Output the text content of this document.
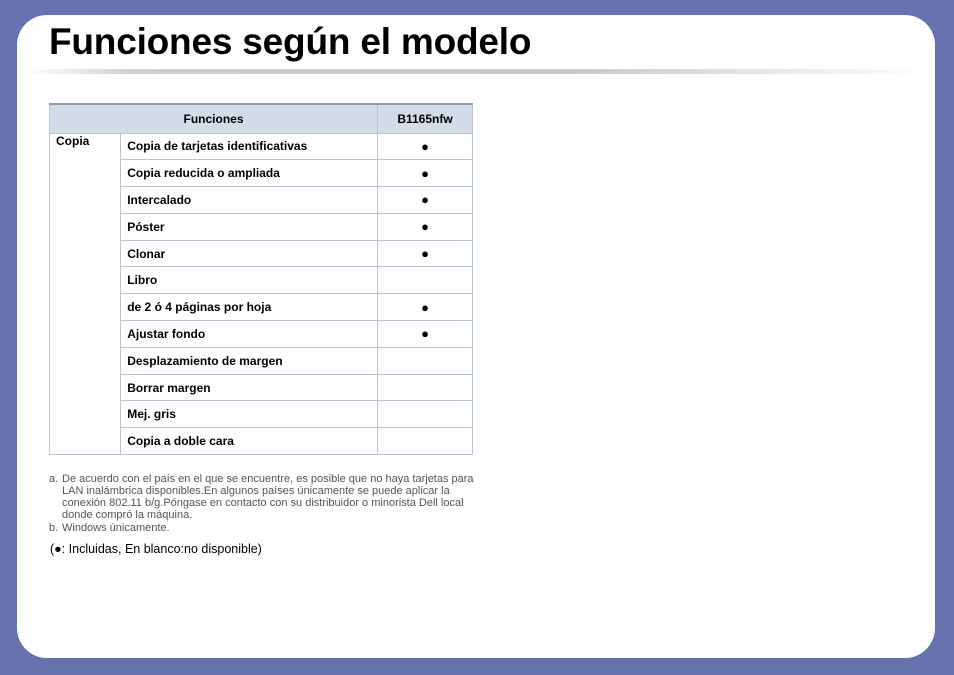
Funciones según el modelo
Funciones		B1165nfw
Copia	Copia de tarjetas identificativas	●
	Copia reducida o ampliada	●
	Intercalado	●
	Póster	●
	Clonar	●
	Libro	
	de 2 ó 4 páginas por hoja	●
	Ajustar fondo	●
	Desplazamiento de margen	
	Borrar margen	
	Mej. gris	
	Copia a doble cara	
a. De acuerdo con el país en el que se encuentre, es posible que no haya tarjetas para LAN inalámbrica disponibles.En algunos países únicamente se puede aplicar la conexión 802.11 b/g.Póngase en contacto con su distribuidor o minorista Dell local donde compró la máquina.
b. Windows únicamente.
(●: Incluidas, En blanco:no disponible)
